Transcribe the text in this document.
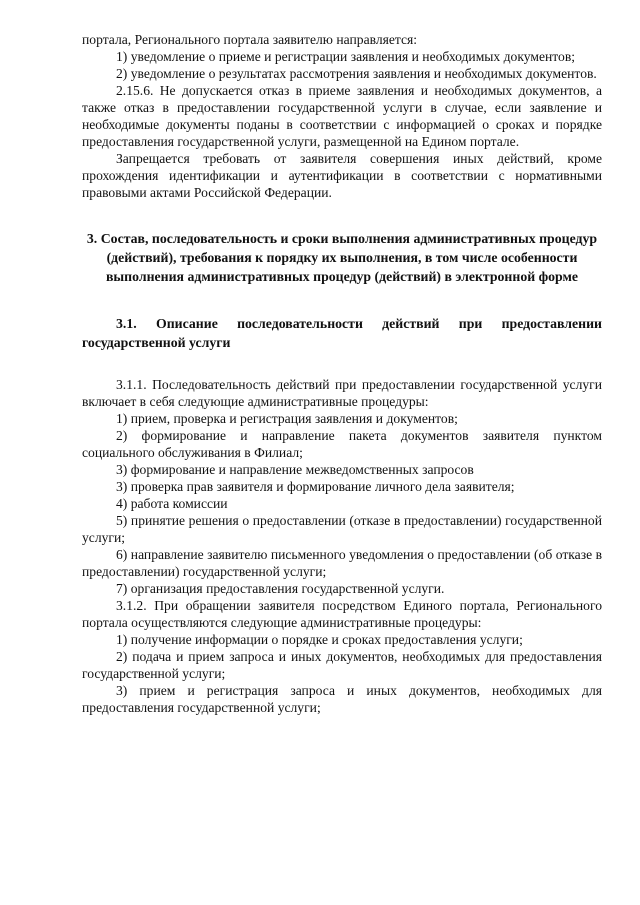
портала, Регионального портала заявителю направляется:

1) уведомление о приеме и регистрации заявления и необходимых документов;

2) уведомление о результатах рассмотрения заявления и необходимых документов.

2.15.6. Не допускается отказ в приеме заявления и необходимых документов, а также отказ в предоставлении государственной услуги в случае, если заявление и необходимые документы поданы в соответствии с информацией о сроках и порядке предоставления государственной услуги, размещенной на Едином портале.

Запрещается требовать от заявителя совершения иных действий, кроме прохождения идентификации и аутентификации в соответствии с нормативными правовыми актами Российской Федерации.

3. Состав, последовательность и сроки выполнения административных процедур (действий), требования к порядку их выполнения, в том числе особенности выполнения административных процедур (действий) в электронной форме

3.1. Описание последовательности действий при предоставлении государственной услуги

3.1.1. Последовательность действий при предоставлении государственной услуги включает в себя следующие административные процедуры:

1) прием, проверка и регистрация заявления и документов;

2) формирование и направление пакета документов заявителя пунктом социального обслуживания в Филиал;

3) формирование и направление межведомственных запросов

3) проверка прав заявителя и формирование личного дела заявителя;

4) работа комиссии

5) принятие решения о предоставлении (отказе в предоставлении) государственной услуги;

6) направление заявителю письменного уведомления о предоставлении (об отказе в предоставлении) государственной услуги;

7) организация предоставления государственной услуги.

3.1.2. При обращении заявителя посредством Единого портала, Регионального портала осуществляются следующие административные процедуры:

1) получение информации о порядке и сроках предоставления услуги;

2) подача и прием запроса и иных документов, необходимых для предоставления государственной услуги;

3) прием и регистрация запроса и иных документов, необходимых для предоставления государственной услуги;
